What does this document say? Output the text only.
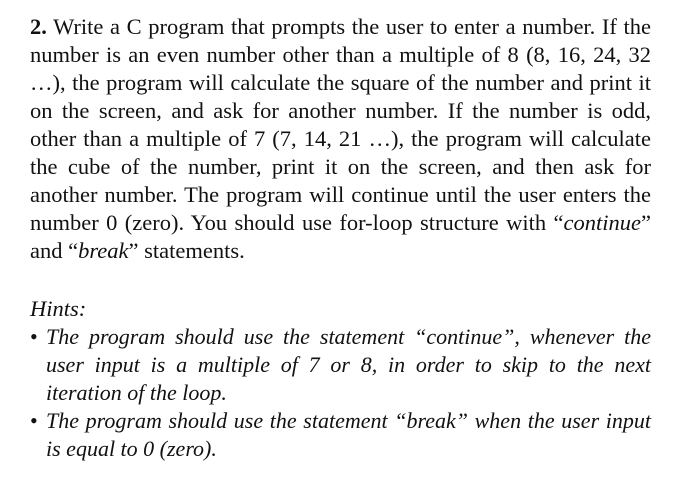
2. Write a C program that prompts the user to enter a number. If the number is an even number other than a multiple of 8 (8, 16, 24, 32 …), the program will calculate the square of the number and print it on the screen, and ask for another number. If the number is odd, other than a multiple of 7 (7, 14, 21 …), the program will calculate the cube of the number, print it on the screen, and then ask for another number. The program will continue until the user enters the number 0 (zero). You should use for-loop structure with “continue” and “break” statements.

Hints:
• The program should use the statement “continue”, whenever the user input is a multiple of 7 or 8, in order to skip to the next iteration of the loop.
• The program should use the statement “break” when the user input is equal to 0 (zero).
